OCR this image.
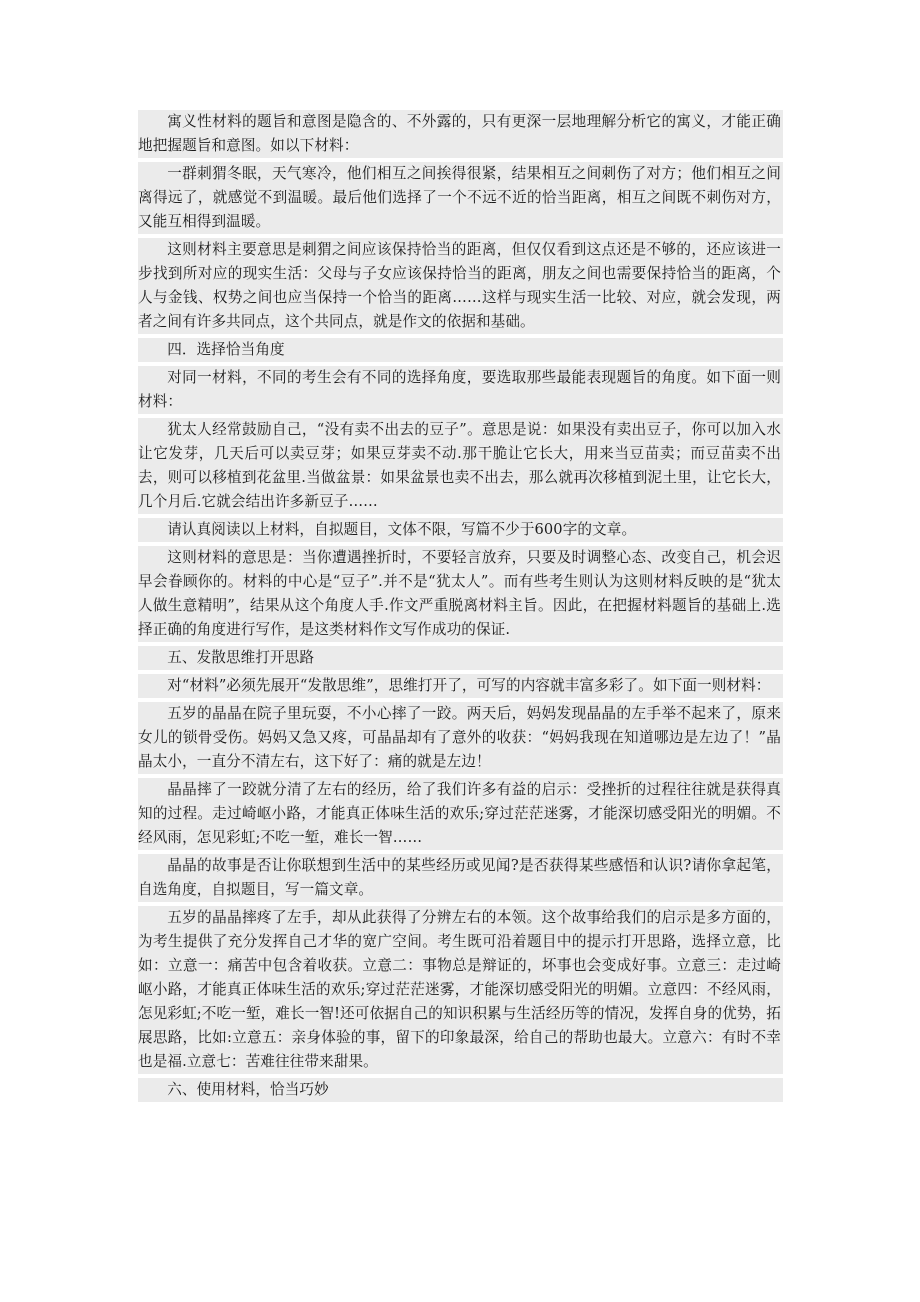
寓义性材料的题旨和意图是隐含的、不外露的，只有更深一层地理解分析它的寓义，才能正确地把握题旨和意图。如以下材料：

一群刺猬冬眠，天气寒冷，他们相互之间挨得很紧，结果相互之间刺伤了对方；他们相互之间离得远了，就感觉不到温暖。最后他们选择了一个不远不近的恰当距离，相互之间既不刺伤对方，又能互相得到温暖。

这则材料主要意思是刺猬之间应该保持恰当的距离，但仅仅看到这点还是不够的，还应该进一步找到所对应的现实生活：父母与子女应该保持恰当的距离，朋友之间也需要保持恰当的距离，个人与金钱、权势之间也应当保持一个恰当的距离……这样与现实生活一比较、对应，就会发现，两者之间有许多共同点，这个共同点，就是作文的依据和基础。

四．选择恰当角度

对同一材料，不同的考生会有不同的选择角度，要选取那些最能表现题旨的角度。如下面一则材料：

犹太人经常鼓励自己，“没有卖不出去的豆子”。意思是说：如果没有卖出豆子，你可以加入水让它发芽，几天后可以卖豆芽；如果豆芽卖不动.那干脆让它长大，用来当豆苗卖；而豆苗卖不出去，则可以移植到花盆里.当做盆景：如果盆景也卖不出去，那么就再次移植到泥土里，让它长大，几个月后.它就会结出许多新豆子……

请认真阅读以上材料，自拟题目，文体不限，写篇不少于600字的文章。

这则材料的意思是：当你遭遇挫折时，不要轻言放弃，只要及时调整心态、改变自己，机会迟早会眷顾你的。材料的中心是“豆子”.并不是“犹太人”。而有些考生则认为这则材料反映的是“犹太人做生意精明”，结果从这个角度人手.作文严重脱离材料主旨。因此，在把握材料题旨的基础上.选择正确的角度进行写作，是这类材料作文写作成功的保证.

五、发散思维打开思路

对“材料”必须先展开“发散思维”，思维打开了，可写的内容就丰富多彩了。如下面一则材料：

五岁的晶晶在院子里玩耍，不小心摔了一跤。两天后，妈妈发现晶晶的左手举不起来了，原来女儿的锁骨受伤。妈妈又急又疼，可晶晶却有了意外的收获：“妈妈我现在知道哪边是左边了！”晶晶太小，一直分不清左右，这下好了：痛的就是左边！

晶晶摔了一跤就分清了左右的经历，给了我们许多有益的启示：受挫折的过程往往就是获得真知的过程。走过崎岖小路，才能真正体味生活的欢乐;穿过茫茫迷雾，才能深切感受阳光的明媚。不经风雨，怎见彩虹;不吃一堑，难长一智……

晶晶的故事是否让你联想到生活中的某些经历或见闻?是否获得某些感悟和认识?请你拿起笔，自选角度，自拟题目，写一篇文章。

五岁的晶晶摔疼了左手，却从此获得了分辨左右的本领。这个故事给我们的启示是多方面的，为考生提供了充分发挥自己才华的宽广空间。考生既可沿着题目中的提示打开思路，选择立意，比如：立意一：痛苦中包含着收获。立意二：事物总是辩证的，坏事也会变成好事。立意三：走过崎岖小路，才能真正体味生活的欢乐;穿过茫茫迷雾，才能深切感受阳光的明媚。立意四：不经风雨，怎见彩虹;不吃一堑，难长一智!还可依据自己的知识积累与生活经历等的情况，发挥自身的优势，拓展思路，比如:立意五：亲身体验的事，留下的印象最深，给自己的帮助也最大。立意六：有时不幸也是福.立意七：苦难往往带来甜果。

六、使用材料，恰当巧妙
